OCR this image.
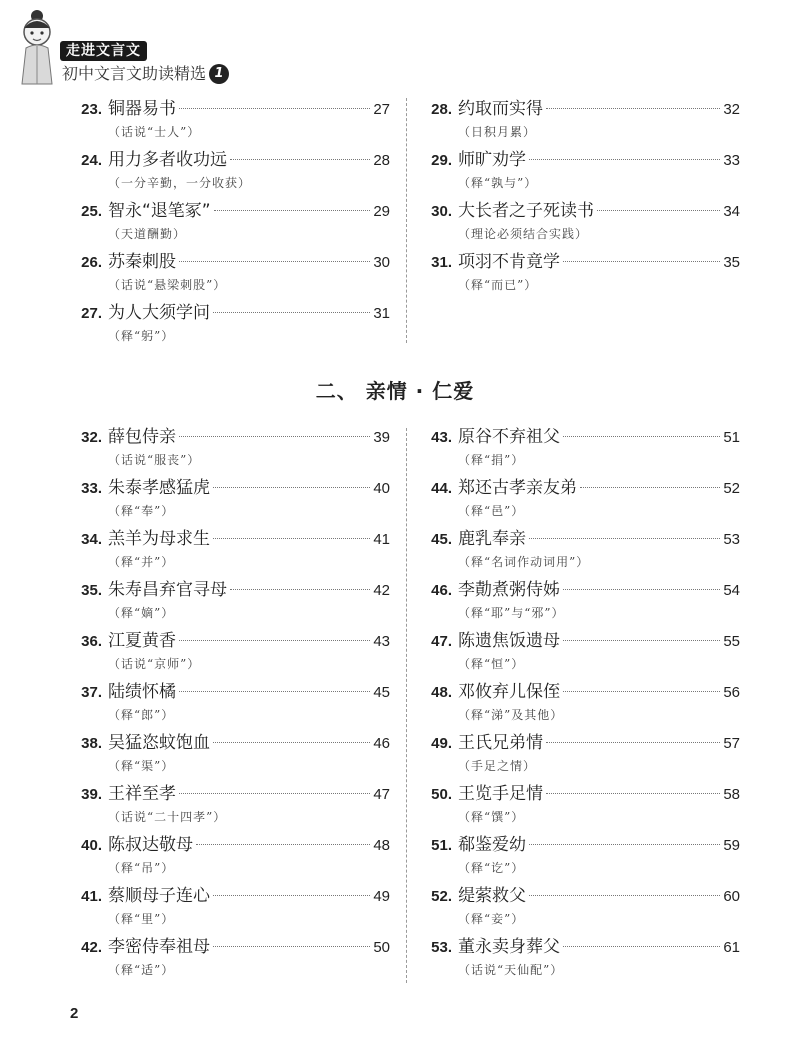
走进文言文
初中文言文助读精选 1
23. 铜器易书	27
（话说“士人”）
24. 用力多者收功远	28
（一分辛勤，一分收获）
25. 智永“退笔冢”	29
（天道酬勤）
26. 苏秦刺股	30
（话说“悬梁刺股”）
27. 为人大须学问	31
（释“躬”）
28. 约取而实得	32
（日积月累）
29. 师旷劝学	33
（释“孰与”）
30. 大长者之子死读书	34
（理论必须结合实践）
31. 项羽不肯竟学	35
（释“而已”）
二、 亲情 · 仁爱
32. 薛包侍亲	39
（话说“服丧”）
33. 朱泰孝感猛虎	40
（释“奉”）
34. 羔羊为母求生	41
（释“并”）
35. 朱寿昌弃官寻母	42
（释“嫡”）
36. 江夏黄香	43
（话说“京师”）
37. 陆绩怀橘	45
（释“郎”）
38. 吴猛恣蚊饱血	46
（释“渠”）
39. 王祥至孝	47
（话说“二十四孝”）
40. 陈叔达敬母	48
（释“吊”）
41. 蔡顺母子连心	49
（释“里”）
42. 李密侍奉祖母	50
（释“适”）
43. 原谷不弃祖父	51
（释“捐”）
44. 郑还古孝亲友弟	52
（释“邑”）
45. 鹿乳奉亲	53
（释“名词作动词用”）
46. 李勣煮粥侍姊	54
（释“耶”与“邪”）
47. 陈遗焦饭遗母	55
（释“恒”）
48. 邓攸弃儿保侄	56
（释“涕”及其他）
49. 王氏兄弟情	57
（手足之情）
50. 王览手足情	58
（释“馔”）
51. 郗鉴爱幼	59
（释“讫”）
52. 缇萦救父	60
（释“妾”）
53. 董永卖身葬父	61
（话说“天仙配”）
2
